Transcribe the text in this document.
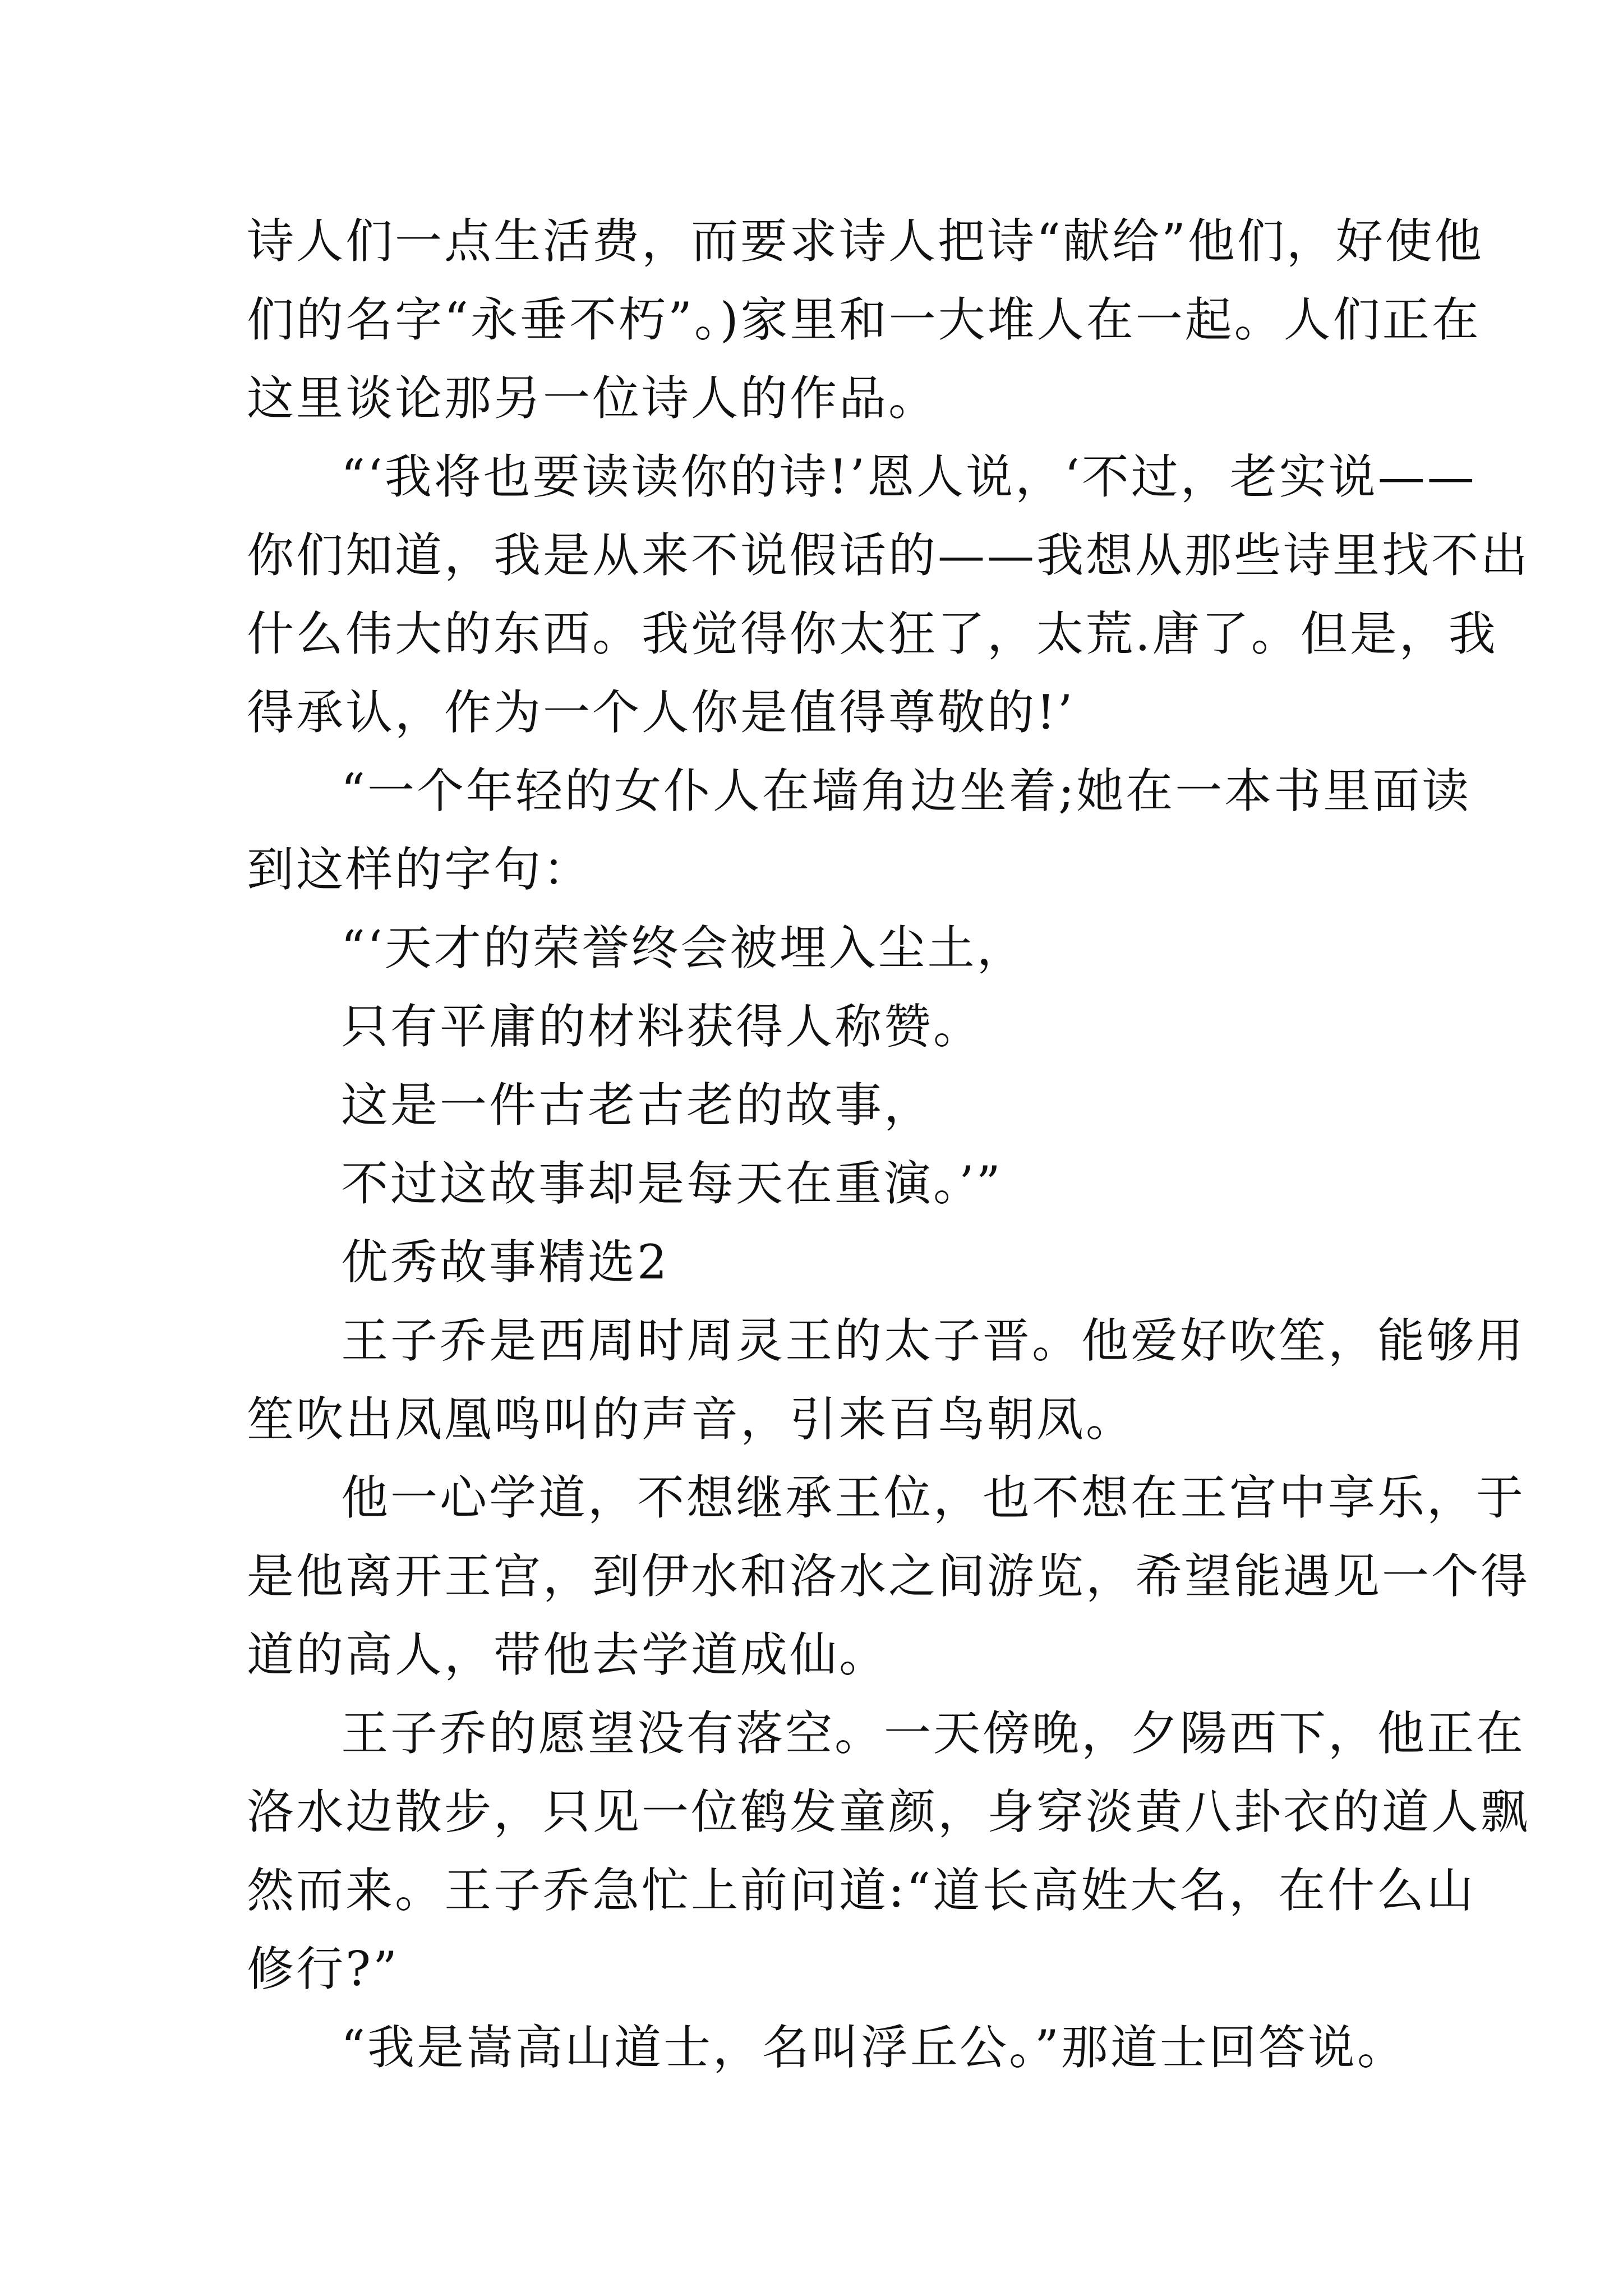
诗人们一点生活费，而要求诗人把诗“献给”他们，好使他
们的名字“永垂不朽”。)家里和一大堆人在一起。人们正在
这里谈论那另一位诗人的作品。
“‘我将也要读读你的诗!’恩人说，‘不过，老实说——
你们知道，我是从来不说假话的——我想从那些诗里找不出
什么伟大的东西。我觉得你太狂了，太荒.唐了。但是，我
得承认，作为一个人你是值得尊敬的!’
“一个年轻的女仆人在墙角边坐着;她在一本书里面读
到这样的字句：
“‘天才的荣誉终会被埋入尘土，
只有平庸的材料获得人称赞。
这是一件古老古老的故事，
不过这故事却是每天在重演。’”
优秀故事精选2
王子乔是西周时周灵王的太子晋。他爱好吹笙，能够用
笙吹出凤凰鸣叫的声音，引来百鸟朝凤。
他一心学道，不想继承王位，也不想在王宫中享乐，于
是他离开王宫，到伊水和洛水之间游览，希望能遇见一个得
道的高人，带他去学道成仙。
王子乔的愿望没有落空。一天傍晚，夕陽西下，他正在
洛水边散步，只见一位鹤发童颜，身穿淡黄八卦衣的道人飘
然而来。王子乔急忙上前问道:“道长高姓大名，在什么山
修行?”
“我是嵩高山道士，名叫浮丘公。”那道士回答说。
